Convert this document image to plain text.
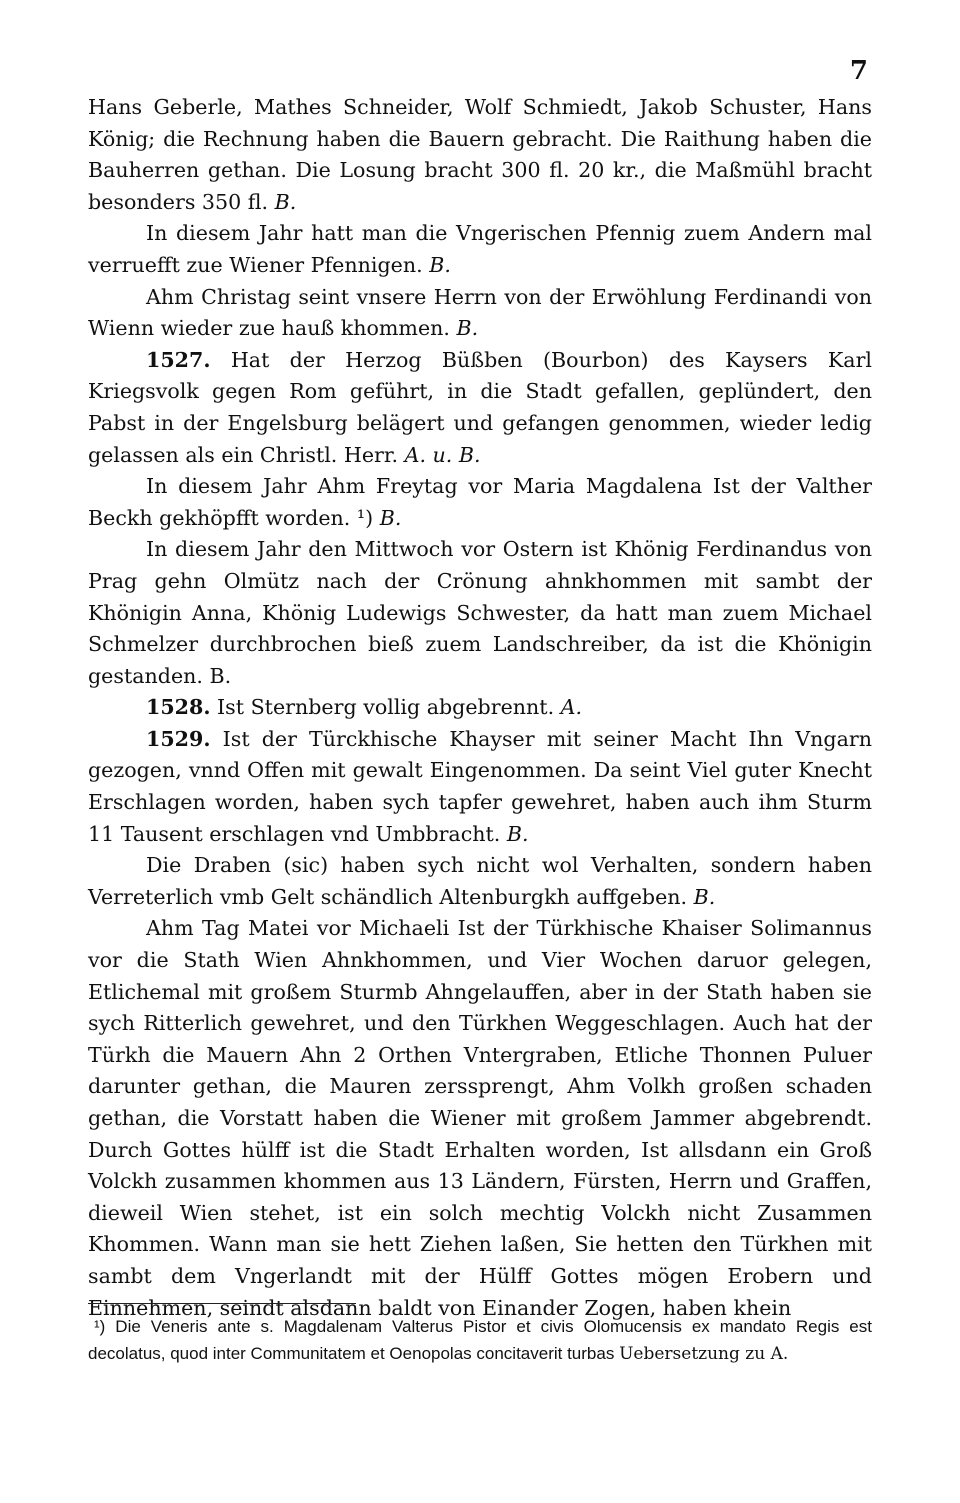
7

Hans Geberle, Mathes Schneider, Wolf Schmiedt, Jakob Schuster, Hans König; die Rechnung haben die Bauern gebracht. Die Raithung haben die Bauherren gethan. Die Losung bracht 300 fl. 20 kr., die Maßmühl bracht besonders 350 fl. B.

In diesem Jahr hatt man die Vngerischen Pfennig zuem Andern mal verruefft zue Wiener Pfennigen. B.

Ahm Christag seint vnsere Herrn von der Erwöhlung Ferdinandi von Wienn wieder zue hauß khommen. B.

1527. Hat der Herzog Büßben (Bourbon) des Kaysers Karl Kriegsvolk gegen Rom geführt, in die Stadt gefallen, geplündert, den Pabst in der Engelsburg belägert und gefangen genommen, wieder ledig gelassen als ein Christl. Herr. A. u. B.

In diesem Jahr Ahm Freytag vor Maria Magdalena Ist der Valther Beckh gekhöpfft worden. ¹) B.

In diesem Jahr den Mittwoch vor Ostern ist Khönig Ferdinandus von Prag gehn Olmütz nach der Crönung ahnkhommen mit sambt der Khönigin Anna, Khönig Ludewigs Schwester, da hatt man zuem Michael Schmelzer durchbrochen bieß zuem Landschreiber, da ist die Khönigin gestanden. B.

1528. Ist Sternberg vollig abgebrennt. A.

1529. Ist der Türckhische Khayser mit seiner Macht Ihn Vngarn gezogen, vnnd Offen mit gewalt Eingenommen. Da seint Viel guter Knecht Erschlagen worden, haben sych tapfer gewehret, haben auch ihm Sturm 11 Tausent erschlagen vnd Umbbracht. B.

Die Draben (sic) haben sych nicht wol Verhalten, sondern haben Verreterlich vmb Gelt schändlich Altenburgkh auffgeben. B.

Ahm Tag Matei vor Michaeli Ist der Türkhische Khaiser Solimannus vor die Stath Wien Ahnkhommen, und Vier Wochen daruor gelegen, Etlichemal mit großem Sturmb Ahngelauffen, aber in der Stath haben sie sych Ritterlich gewehret, und den Türkhen Weggeschlagen. Auch hat der Türkh die Mauern Ahn 2 Orthen Vntergraben, Etliche Thonnen Puluer darunter gethan, die Mauren zerssprengt, Ahm Volkh großen schaden gethan, die Vorstatt haben die Wiener mit großem Jammer abgebrendt. Durch Gottes hülff ist die Stadt Erhalten worden, Ist allsdann ein Groß Volckh zusammen khommen aus 13 Ländern, Fürsten, Herrn und Graffen, dieweil Wien stehet, ist ein solch mechtig Volckh nicht Zusammen Khommen. Wann man sie hett Ziehen laßen, Sie hetten den Türkhen mit sambt dem Vngerlandt mit der Hülff Gottes mögen Erobern und Einnehmen, seindt alsdann baldt von Einander Zogen, haben khein

¹) Die Veneris ante s. Magdalenam Valterus Pistor et civis Olomucensis ex mandato Regis est decolatus, quod inter Communitatem et Oenopolas concitaverit turbas Uebersetzung zu A.
